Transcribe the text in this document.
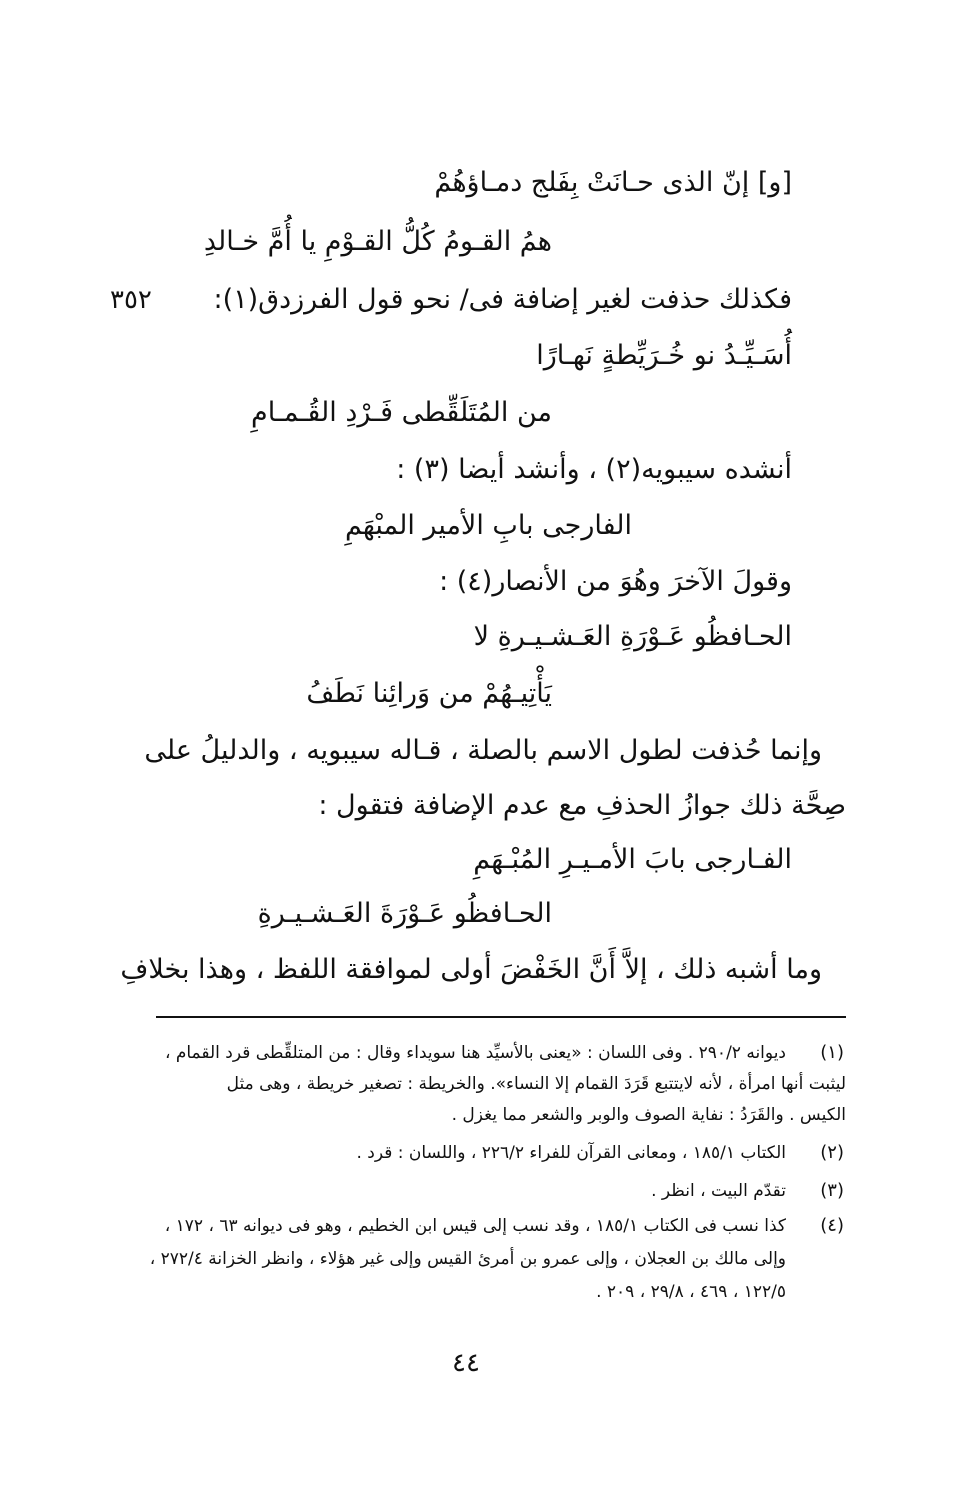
[و] إنّ الذى حـانَتْ بِفَلج دمـاؤهُمْ
همُ القـومُ كُلُّ القـوْمِ يا أُمَّ خـالدِ
٣٥٢ فكذلك حذفت لغير إضافة فى/ نحو قول الفرزدق(١):
أُسَـيِّـدُ نو خُـرَيِّطةٍ نَهـارًا
من المُتَلَقِّطى فَـرْدِ القُـمـامِ
أنشده سيبويه(٢) ، وأنشد أيضا (٣) :
الفارجى بابِ الأمير المبْهَمِ
وقولَ الآخرَ وهُوَ من الأنصار(٤) :
الحـافظُو عَـوْرَةِ العَـشـيـرةِ لا
يَأْتِيـهُمْ من وَرائِنا نَطَفُ
وإنما حُذفت لطول الاسم بالصلة ، قـاله سيبويه ، والدليلُ على
صِحَّة ذلك جوازُ الحذفِ مع عدم الإضافة فتقول :
الفـارجى بابَ الأمـيـرِ المُبْـهَمِ
الحـافظُو عَـوْرَةَ العَـشـيـرةِ
وما أشبه ذلك ، إلاَّ أَنَّ الخَفْضَ أولى لموافقة اللفظ ، وهذا بخلافِ
(١)
ديوانه ٢٩٠/٢ . وفى اللسان : «يعنى بالأسيِّد هنا سويداء وقال : من المتلقِّطى قرد القمام ،
ليثبت أنها امرأة ، لأنه لايتتبع قَرَدَ القمام إلا النساء». والخريطة : تصغير خريطة ، وهى مثل
الكيس . والقَرَدُ : نفاية الصوف والوبر والشعر مما يغزل .
(٢)
الكتاب ١٨٥/١ ، ومعانى القرآن للفراء ٢٢٦/٢ ، واللسان : قرد .
(٣)
تقدّم البيت ، انظر .
(٤)
كذا نسب فى الكتاب ١٨٥/١ ، وقد نسب إلى قيس ابن الخطيم ، وهو فى ديوانه ٦٣ ، ١٧٢ ،
وإلى مالك بن العجلان ، وإلى عمرو بن أمرئ القيس وإلى غير هؤلاء ، وانظر الخزانة ٢٧٢/٤ ،
١٢٢/٥ ، ٤٦٩ ، ٢٩/٨ ، ٢٠٩ .
٤٤
